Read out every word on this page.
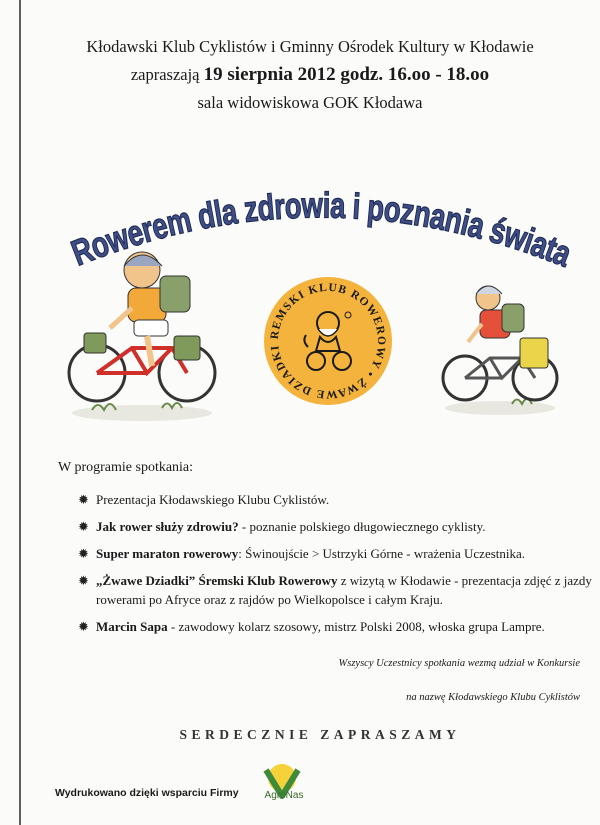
Kłodawski Klub Cyklistów i Gminny Ośrodek Kultury w Kłodawie
zapraszają 19 sierpnia 2012 godz. 16.oo - 18.oo
sala widowiskowa GOK Kłodawa
Rowerem dla zdrowia i poznania świata
REMSKI KLUB ROWEROWY • ŻWAWE DZIADKI
W programie spotkania:
✹ Prezentacja Kłodawskiego Klubu Cyklistów.
✹ Jak rower służy zdrowiu? - poznanie polskiego długowiecznego cyklisty.
✹ Super maraton rowerowy: Świnoujście > Ustrzyki Górne - wrażenia Uczestnika.
✹ „Żwawe Dziadki” Śremski Klub Rowerowy z wizytą w Kłodawie - prezentacja zdjęć z jazdy rowerami po Afryce oraz z rajdów po Wielkopolsce i całym Kraju.
✹ Marcin Sapa - zawodowy kolarz szosowy, mistrz Polski 2008, włoska grupa Lampre.
Wszyscy Uczestnicy spotkania wezmą udział w Konkursie
na nazwę Kłodawskiego Klubu Cyklistów
SERDECZNIE ZAPRASZAMY
Wydrukowano dzięki wsparciu Firmy	AgroNas
